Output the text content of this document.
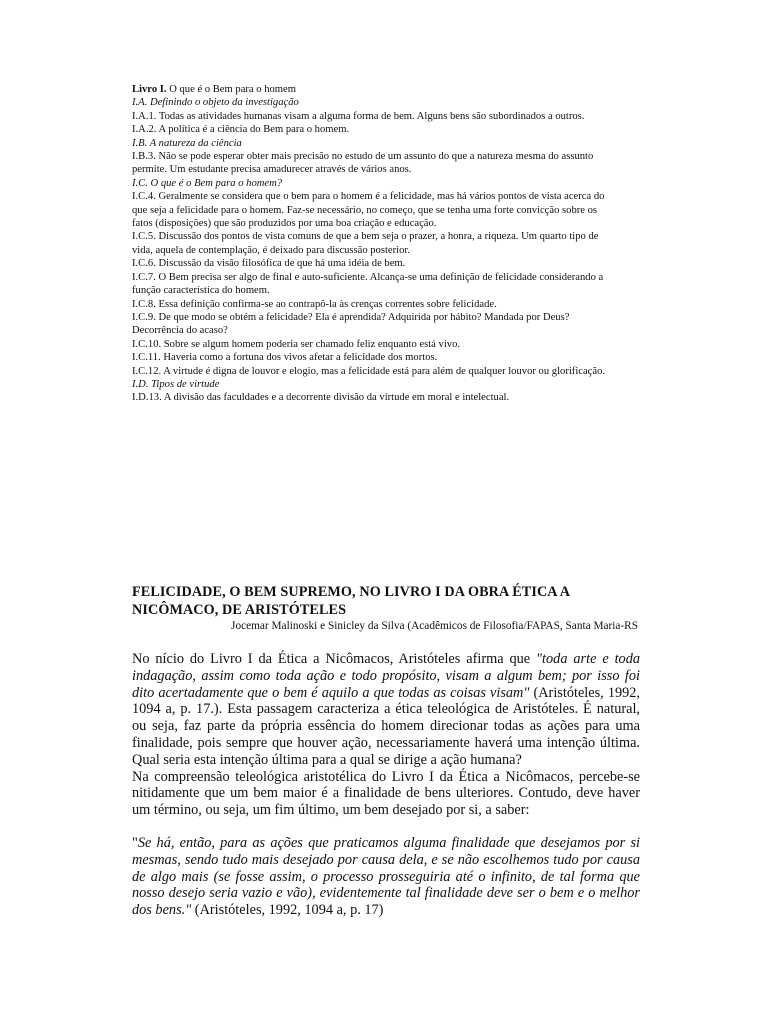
Livro I. O que é o Bem para o homem

I.A. Definindo o objeto da investigação

I.A.1. Todas as atividades humanas visam a alguma forma de bem. Alguns bens são subordinados a outros.

I.A.2. A política é a ciência do Bem para o homem.

I.B. A natureza da ciência

I.B.3. Não se pode esperar obter mais precisão no estudo de um assunto do que a natureza mesma do assunto permite. Um estudante precisa amadurecer através de vários anos.

I.C. O que é o Bem para o homem?

I.C.4. Geralmente se considera que o bem para o homem é a felicidade, mas há vários pontos de vista acerca do que seja a felicidade para o homem. Faz-se necessário, no começo, que se tenha uma forte convicção sobre os fatos (disposições) que são produzidos por uma boa criação e educação.

I.C.5. Discussão dos pontos de vista comuns de que a bem seja o prazer, a honra, a riqueza. Um quarto tipo de vida, aquela de contemplação, é deixado para discussão posterior.

I.C.6. Discussão da visão filosófica de que há uma idéia de bem.

I.C.7. O Bem precisa ser algo de final e auto-suficiente. Alcança-se uma definição de felicidade considerando a função característica do homem.

I.C.8. Essa definição confirma-se ao contrapô-la às crenças correntes sobre felicidade.

I.C.9. De que modo se obtém a felicidade? Ela é aprendida? Adquirida por hábito? Mandada por Deus? Decorrência do acaso?

I.C.10. Sobre se algum homem poderia ser chamado feliz enquanto está vivo.

I.C.11. Haveria como a fortuna dos vivos afetar a felicidade dos mortos.

I.C.12. A virtude é digna de louvor e elogio, mas a felicidade está para além de qualquer louvor ou glorificação.

I.D. Tipos de virtude

I.D.13. A divisão das faculdades e a decorrente divisão da virtude em moral e intelectual.

FELICIDADE, O BEM SUPREMO, NO LIVRO I DA OBRA ÉTICA A NICÔMACO, DE ARISTÓTELES

Jocemar Malinoski e Sinicley da Silva (Acadêmicos de Filosofia/FAPAS, Santa Maria-RS

No nício do Livro I da Ética a Nicômacos, Aristóteles afirma que "toda arte e toda indagação, assim como toda ação e todo propósito, visam a algum bem; por isso foi dito acertadamente que o bem é aquilo a que todas as coisas visam" (Aristóteles, 1992, 1094 a, p. 17.). Esta passagem caracteriza a ética teleológica de Aristóteles. É natural, ou seja, faz parte da própria essência do homem direcionar todas as ações para uma finalidade, pois sempre que houver ação, necessariamente haverá uma intenção última. Qual seria esta intenção última para a qual se dirige a ação humana?

Na compreensão teleológica aristotélica do Livro I da Ética a Nicômacos, percebe-se nitidamente que um bem maior é a finalidade de bens ulteriores. Contudo, deve haver um término, ou seja, um fim último, um bem desejado por si, a saber:

"Se há, então, para as ações que praticamos alguma finalidade que desejamos por si mesmas, sendo tudo mais desejado por causa dela, e se não escolhemos tudo por causa de algo mais (se fosse assim, o processo prosseguiria até o infinito, de tal forma que nosso desejo seria vazio e vão), evidentemente tal finalidade deve ser o bem e o melhor dos bens." (Aristóteles, 1992, 1094 a, p. 17)
